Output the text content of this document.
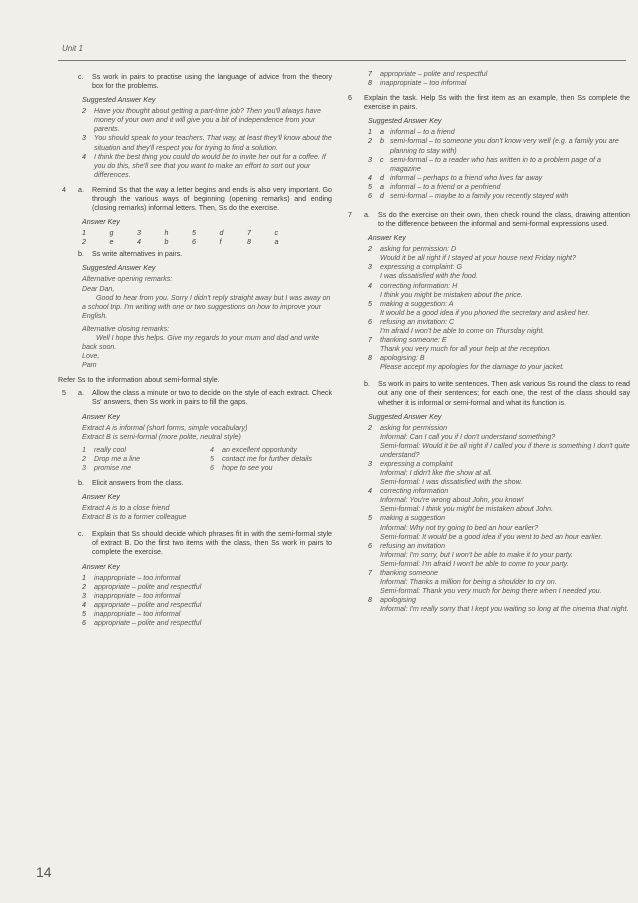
Unit 1
14
c.	Ss work in pairs to practise using the language of advice from the theory box for the problems.
Suggested Answer Key
2	Have you thought about getting a part-time job? Then you'll always have money of your own and it will give you a bit of independence from your parents.
3	You should speak to your teachers. That way, at least they'll know about the situation and they'll respect you for trying to find a solution.
4	I think the best thing you could do would be to invite her out for a coffee. If you do this, she'll see that you want to make an effort to sort out your differences.
4	a.	Remind Ss that the way a letter begins and ends is also very important. Go through the various ways of beginning (opening remarks) and ending (closing remarks) informal letters. Then, Ss do the exercise.
Answer Key
1	g	3	h	5	d	7	c
2	e	4	b	6	f	8	a
b.	Ss write alternatives in pairs.
Suggested Answer Key
Alternative opening remarks:
Dear Dan,
Good to hear from you. Sorry I didn't reply straight away but I was away on a school trip. I'm writing with one or two suggestions on how to improve your English.
Alternative closing remarks:
Well I hope this helps. Give my regards to your mum and dad and write back soon.
Love,
Pam

Refer Ss to the information about semi-formal style.

5	a.	Allow the class a minute or two to decide on the style of each extract. Check Ss' answers, then Ss work in pairs to fill the gaps.
Answer Key
Extract A is informal (short forms, simple vocabulary)
Extract B is semi-formal (more polite, neutral style)
1	really cool	4	an excellent opportunity
2	Drop me a line	5	contact me for further details
3	promise me	6	hope to see you
b.	Elicit answers from the class.
Answer Key
Extract A is to a close friend
Extract B is to a former colleague
c.	Explain that Ss should decide which phrases fit in with the semi-formal style of extract B. Do the first two items with the class, then Ss work in pairs to complete the exercise.
Answer Key
1	inappropriate – too informal
2	appropriate – polite and respectful
3	inappropriate – too informal
4	appropriate – polite and respectful
5	inappropriate – too informal
6	appropriate – polite and respectful
7	appropriate – polite and respectful
8	inappropriate – too informal
6	Explain the task. Help Ss with the first item as an example, then Ss complete the exercise in pairs.
Suggested Answer Key
1	a informal – to a friend
2	b semi-formal – to someone you don't know very well (e.g. a family you are planning to stay with)
3	c semi-formal – to a reader who has written in to a problem page of a magazine
4	d informal – perhaps to a friend who lives far away
5	a informal – to a friend or a penfriend
6	d semi-formal – maybe to a family you recently stayed with
7	a.	Ss do the exercise on their own, then check round the class, drawing attention to the difference between the informal and semi-formal expressions used.
Answer Key
2	asking for permission: D
Would it be all right if I stayed at your house next Friday night?
3	expressing a complaint: G
I was dissatisfied with the food.
4	correcting information: H
I think you might be mistaken about the price.
5	making a suggestion: A
It would be a good idea if you phoned the secretary and asked her.
6	refusing an invitation: C
I'm afraid I won't be able to come on Thursday night.
7	thanking someone: E
Thank you very much for all your help at the reception.
8	apologising: B
Please accept my apologies for the damage to your jacket.
b.	Ss work in pairs to write sentences. Then ask various Ss round the class to read out any one of their sentences; for each one, the rest of the class should say whether it is informal or semi-formal and what its function is.
Suggested Answer Key
2	asking for permission
Informal: Can I call you if I don't understand something?
Semi-formal: Would it be all right if I called you if there is something I don't quite understand?
3	expressing a complaint
Informal: I didn't like the show at all.
Semi-formal: I was dissatisfied with the show.
4	correcting information
Informal: You're wrong about John, you know!
Semi-formal: I think you might be mistaken about John.
5	making a suggestion
Informal: Why not try going to bed an hour earlier?
Semi-formal: It would be a good idea if you went to bed an hour earlier.
6	refusing an invitation
Informal: I'm sorry, but I won't be able to make it to your party.
Semi-formal: I'm afraid I won't be able to come to your party.
7	thanking someone
Informal: Thanks a million for being a shoulder to cry on.
Semi-formal: Thank you very much for being there when I needed you.
8	apologising
Informal: I'm really sorry that I kept you waiting so long at the cinema that night.
